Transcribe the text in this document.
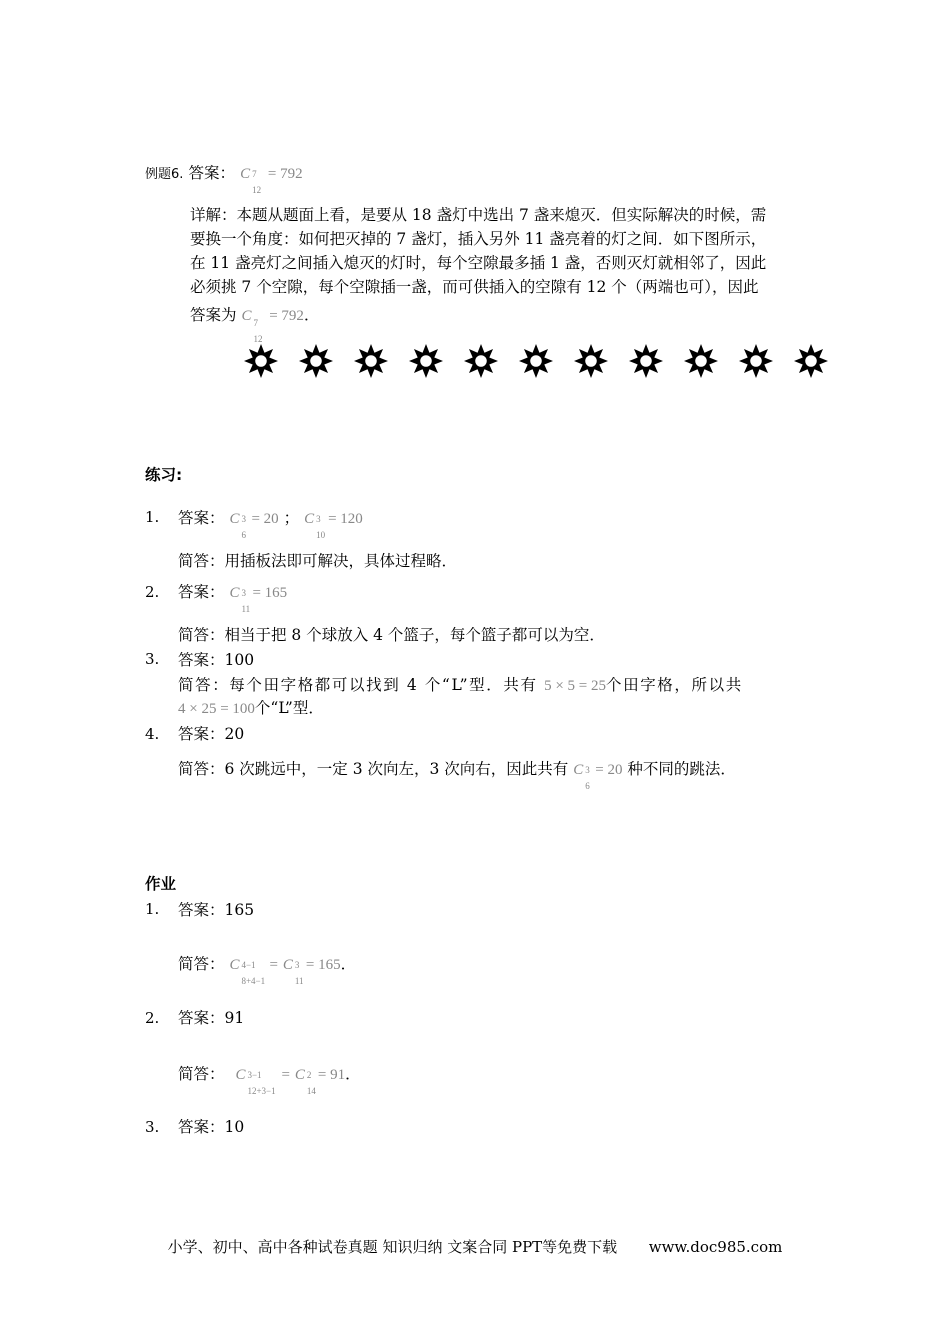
例题6. 答案： C 7
12
= 792
详解：本题从题面上看，是要从 18 盏灯中选出 7 盏来熄灭．但实际解决的时候，需
要换一个角度：如何把灭掉的 7 盏灯，插入另外 11 盏亮着的灯之间．如下图所示，
在 11 盏亮灯之间插入熄灭的灯时，每个空隙最多插 1 盏，否则灭灯就相邻了，因此
必须挑 7 个空隙，每个空隙插一盏，而可供插入的空隙有 12 个（两端也可），因此
答案为 C 7
12
= 792．
练习:
1. 答案： C 3
6
= 20 ； C 3
10
= 120
简答：用插板法即可解决，具体过程略．
2. 答案： C 3
11
= 165
简答：相当于把 8 个球放入 4 个篮子，每个篮子都可以为空．
3. 答案：100
简答：每个田字格都可以找到 4 个“L”型．共有 5 × 5 = 25个田字格，所以共
4 × 25 = 100个“L”型．
4. 答案：20
简答：6 次跳远中，一定 3 次向左，3 次向右，因此共有 C 3
6
= 20 种不同的跳法．
作业
1. 答案：165
简答： C 4−1
8+4−1
= C 3
11
= 165．
2. 答案：91
简答： C 3−1
12+3−1
= C 2
14
= 91．
3. 答案：10
小学、初中、高中各种试卷真题 知识归纳 文案合同 PPT等免费下载 www.doc985.com
